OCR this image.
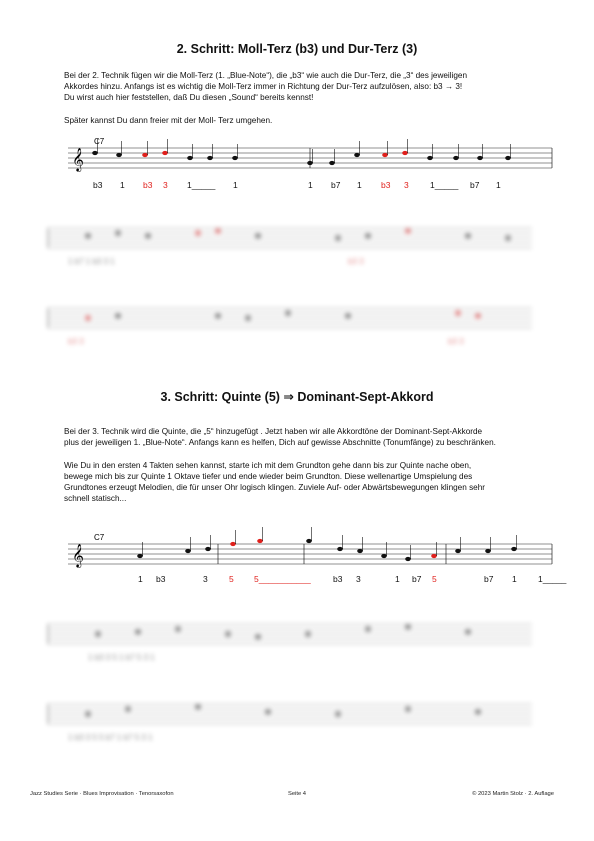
2. Schritt: Moll-Terz (b3) und Dur-Terz (3)
Bei der 2. Technik fügen wir die Moll-Terz (1. „Blue-Note“), die „b3“ wie auch die Dur-Terz, die „3“ des jeweiligen
Akkordes hinzu. Anfangs ist es wichtig die Moll-Terz immer in Richtung der Dur-Terz aufzulösen, also: b3 → 3!
Du wirst auch hier feststellen, daß Du diesen „Sound“ bereits kennst!
Später kannst Du dann freier mit der Moll- Terz umgehen.
3. Schritt: Quinte (5) ⇒ Dominant-Sept-Akkord
Bei der 3. Technik wird die Quinte, die „5“ hinzugefügt . Jetzt haben wir alle Akkordtöne der Dominant-Sept-Akkorde
plus der jeweiligen 1. „Blue-Note“. Anfangs kann es helfen, Dich auf gewisse Abschnitte (Tonumfänge) zu beschränken.
Wie Du in den ersten 4 Takten sehen kannst, starte ich mit dem Grundton gehe dann bis zur Quinte nache oben,
bewege mich bis zur Quinte 1 Oktave tiefer und ende wieder beim Grundton. Diese wellenartige Umspielung des
Grundtones erzeugt Melodien, die für unser Ohr logisch klingen. Zuviele Auf- oder Abwärtsbewegungen klingen sehr
schnell statisch...
𝄞
C7
b3 1 b3 3 1_____ 1	1 b7 1 b3 3	1_____ b7 1
1 b7 1 b3 3 1	b3 3
b3 3	b3 3
𝄞
C7
1 b3	3	5 5___________	b3 3	1 b7 5	b7 1	1_____
1 b3 3 5 1 b7 5 3 1
1 b3 3 5 5 b7 1 b7 5 3 1
Jazz Studies Serie · Blues Improvisation · Tenorsaxofon	Seite 4	© 2023 Martin Stolz · 2. Auflage
